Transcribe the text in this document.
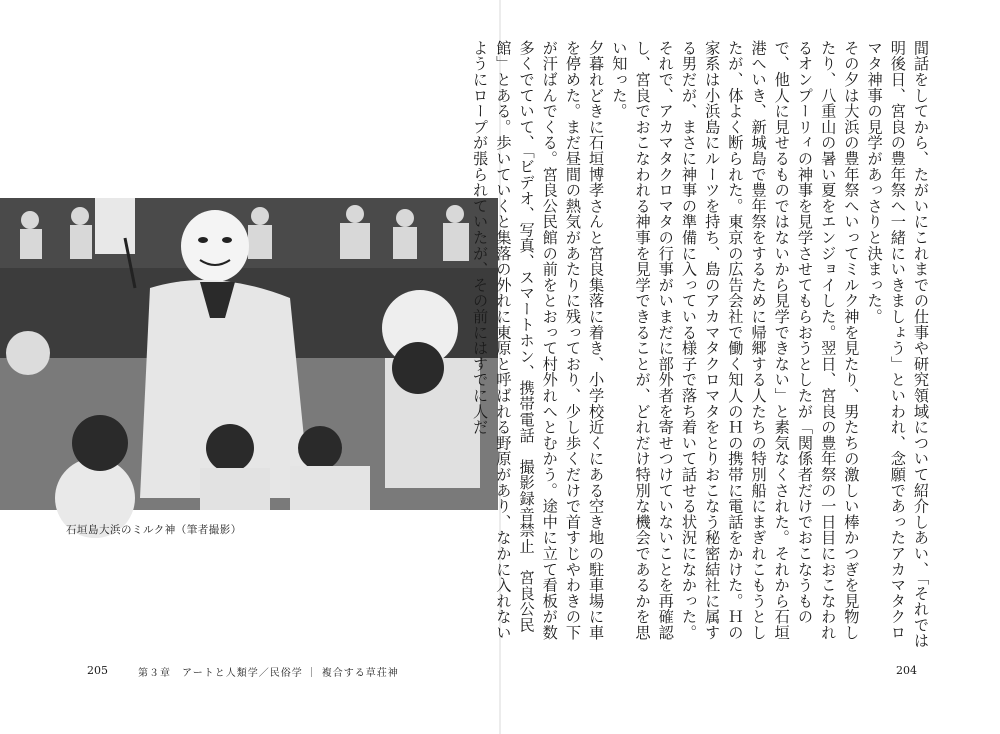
石垣島大浜のミルク神（筆者撮影）
205	第３章　アートと人類学／民俗学 ｜ 複合する草荘神

間話をしてから、たがいにこれまでの仕事や研究領域について紹介しあい、「それでは明後日、宮良の豊年祭へ一緒にいきましょう」といわれ、念願であったアカマタクロマタ神事の見学があっさりと決まった。

その夕は大浜の豊年祭へいってミルク神を見たり、男たちの激しい棒かつぎを見物したり、八重山の暑い夏をエンジョイした。翌日、宮良の豊年祭の一日目におこなわれるオンプーリィの神事を見学させてもらおうとしたが「関係者だけでおこなうもので、他人に見せるものではないから見学できない」と素気なくされた。それから石垣港へいき、新城島で豊年祭をするために帰郷する人たちの特別船にまぎれこもうとしたが、体よく断られた。東京の広告会社で働く知人のＨの携帯に電話をかけた。Ｈの家系は小浜島にルーツを持ち、島のアカマタクロマタをとりおこなう秘密結社に属する男だが、まさに神事の準備に入っている様子で落ち着いて話せる状況になかった。それで、アカマタクロマタの行事がいまだに部外者を寄せつけていないことを再確認し、宮良でおこなわれる神事を見学できることが、どれだけ特別な機会であるかを思い知った。

夕暮れどきに石垣博孝さんと宮良集落に着き、小学校近くにある空き地の駐車場に車を停めた。まだ昼間の熱気があたりに残っており、少し歩くだけで首すじやわきの下が汗ばんでくる。宮良公民館の前をとおって村外れへとむかう。途中に立て看板が数多くでていて、「ビデオ、写真、スマートホン、携帯電話　撮影録音禁止　宮良公民館」とある。歩いていくと集落の外れに東原と呼ばれる野原があり、なかに入れないようにロープが張られていたが、その前にはすでに人だ

204
